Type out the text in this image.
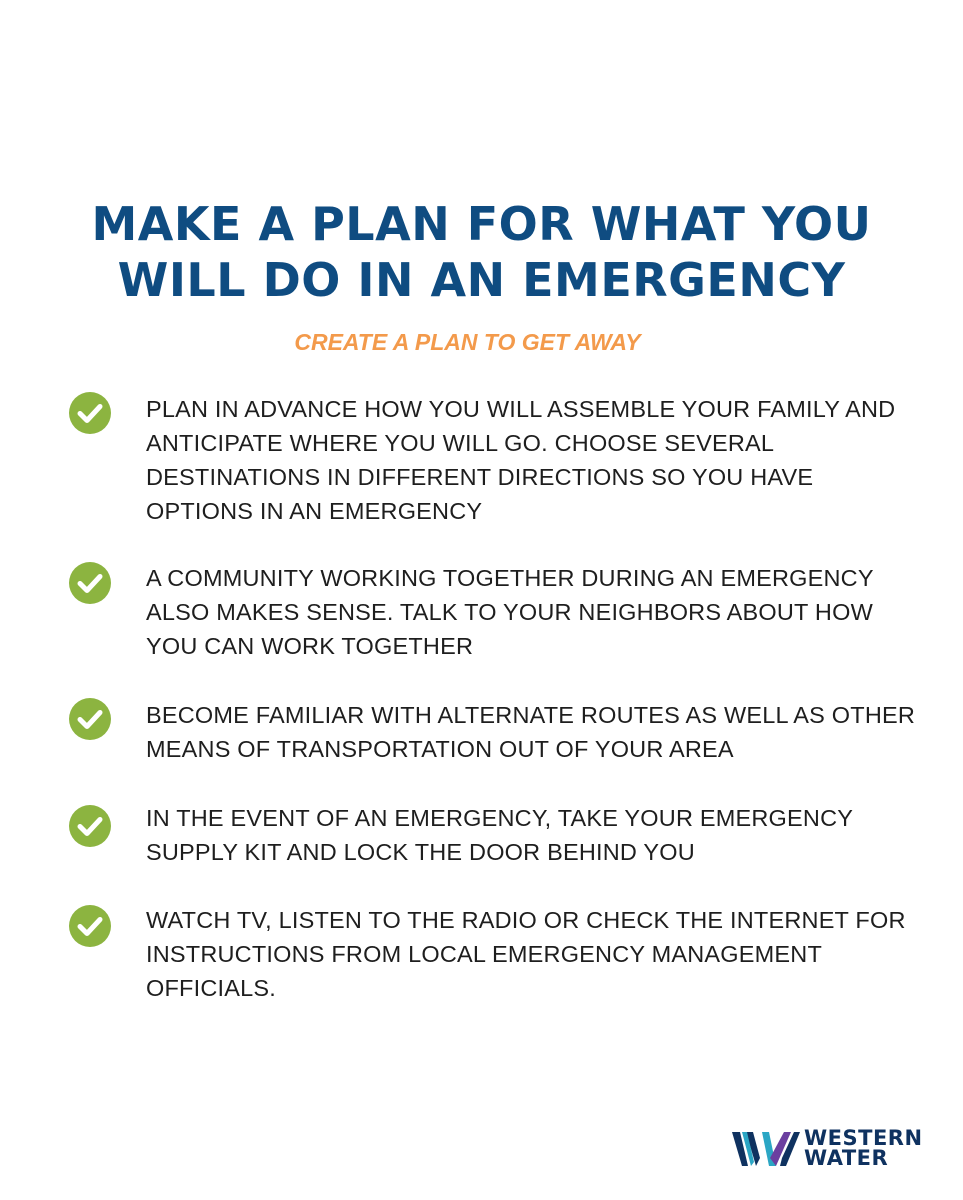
MAKE A PLAN FOR WHAT YOU
WILL DO IN AN EMERGENCY

CREATE A PLAN TO GET AWAY

PLAN IN ADVANCE HOW YOU WILL ASSEMBLE YOUR FAMILY AND
ANTICIPATE WHERE YOU WILL GO. CHOOSE SEVERAL
DESTINATIONS IN DIFFERENT DIRECTIONS SO YOU HAVE
OPTIONS IN AN EMERGENCY

A COMMUNITY WORKING TOGETHER DURING AN EMERGENCY
ALSO MAKES SENSE. TALK TO YOUR NEIGHBORS ABOUT HOW
YOU CAN WORK TOGETHER

BECOME FAMILIAR WITH ALTERNATE ROUTES AS WELL AS OTHER
MEANS OF TRANSPORTATION OUT OF YOUR AREA

IN THE EVENT OF AN EMERGENCY, TAKE YOUR EMERGENCY
SUPPLY KIT AND LOCK THE DOOR BEHIND YOU

WATCH TV, LISTEN TO THE RADIO OR CHECK THE INTERNET FOR
INSTRUCTIONS FROM LOCAL EMERGENCY MANAGEMENT
OFFICIALS.

WESTERN
WATER
